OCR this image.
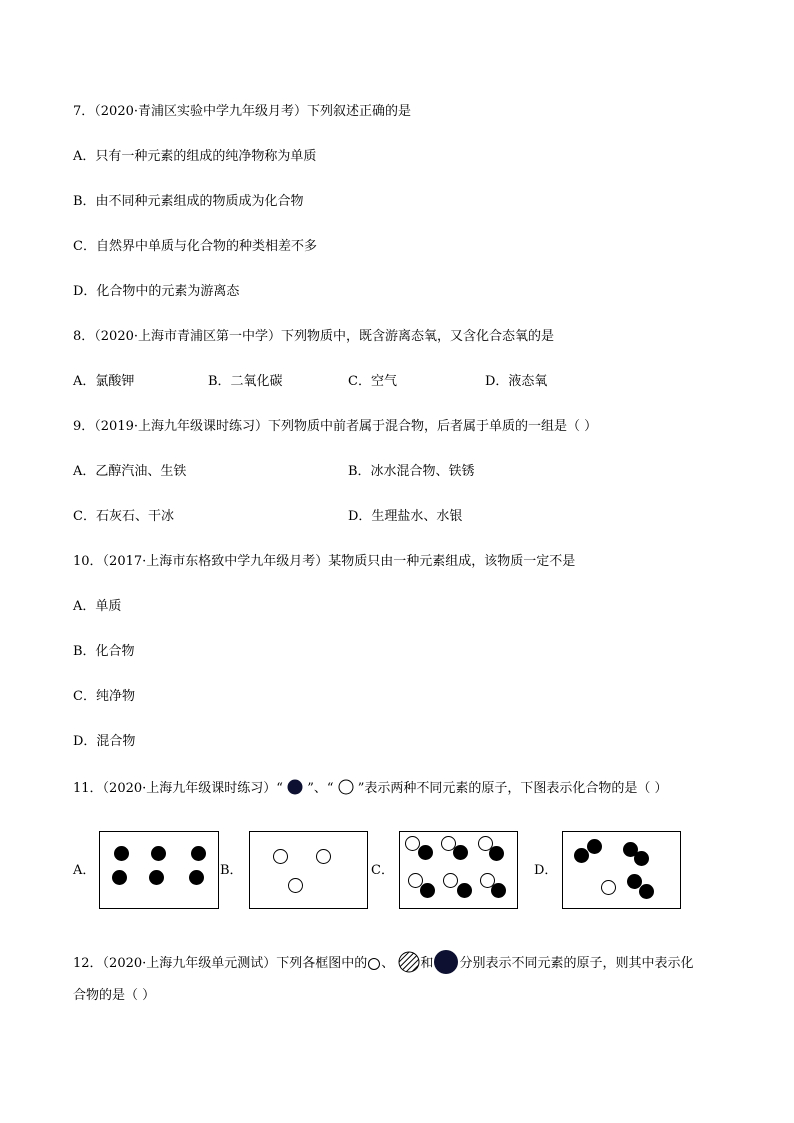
7．（2020·青浦区实验中学九年级月考）下列叙述正确的是
A．只有一种元素的组成的纯净物称为单质
B．由不同种元素组成的物质成为化合物
C．自然界中单质与化合物的种类相差不多
D．化合物中的元素为游离态
8．（2020·上海市青浦区第一中学）下列物质中，既含游离态氧，又含化合态氧的是
A．氯酸钾	B．二氧化碳	C．空气	D．液态氧
9．（2019·上海九年级课时练习）下列物质中前者属于混合物，后者属于单质的一组是（ ）
A．乙醇汽油、生铁	B．冰水混合物、铁锈
C．石灰石、干冰	D．生理盐水、水银
10．（2017·上海市东格致中学九年级月考）某物质只由一种元素组成，该物质一定不是
A．单质
B．化合物
C．纯净物
D．混合物
11．（2020·上海九年级课时练习）“ ”、“ ”表示两种不同元素的原子，下图表示化合物的是（ ）
A．	B．	C．	D．
12．（2020·上海九年级单元测试）下列各框图中的 、 和 分别表示不同元素的原子，则其中表示化
合物的是（ ）
